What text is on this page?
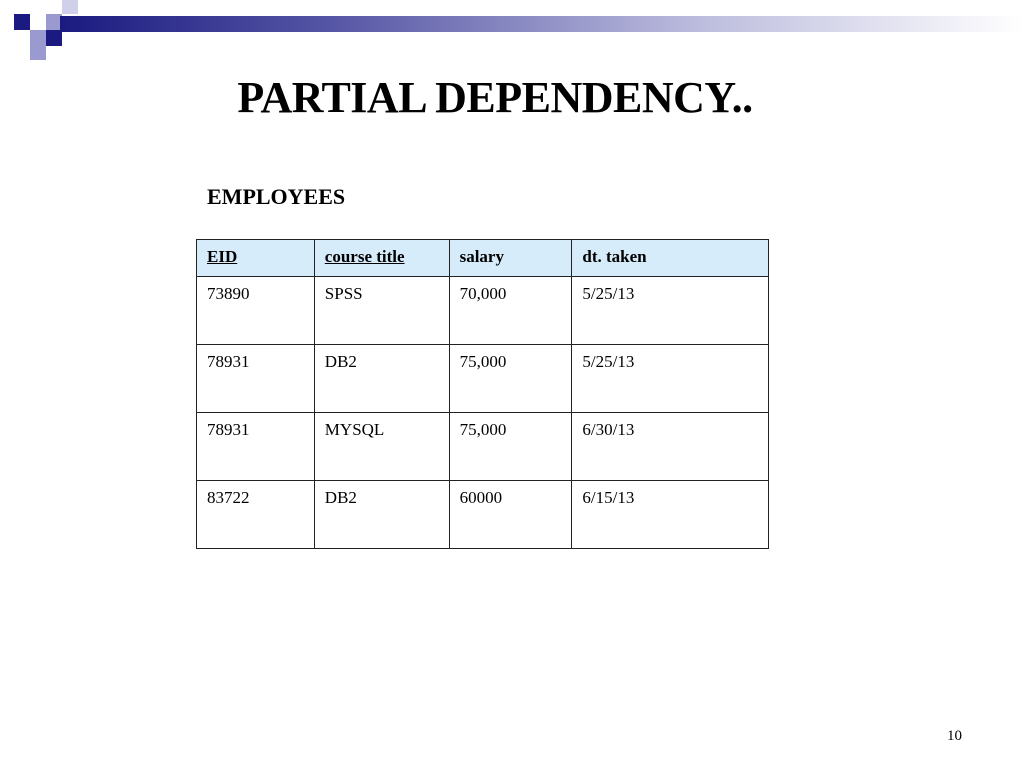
PARTIAL DEPENDENCY..
EMPLOYEES
EID	course title	salary	dt. taken
73890	SPSS	70,000	5/25/13
78931	DB2	75,000	5/25/13
78931	MYSQL	75,000	6/30/13
83722	DB2	60000	6/15/13
10
